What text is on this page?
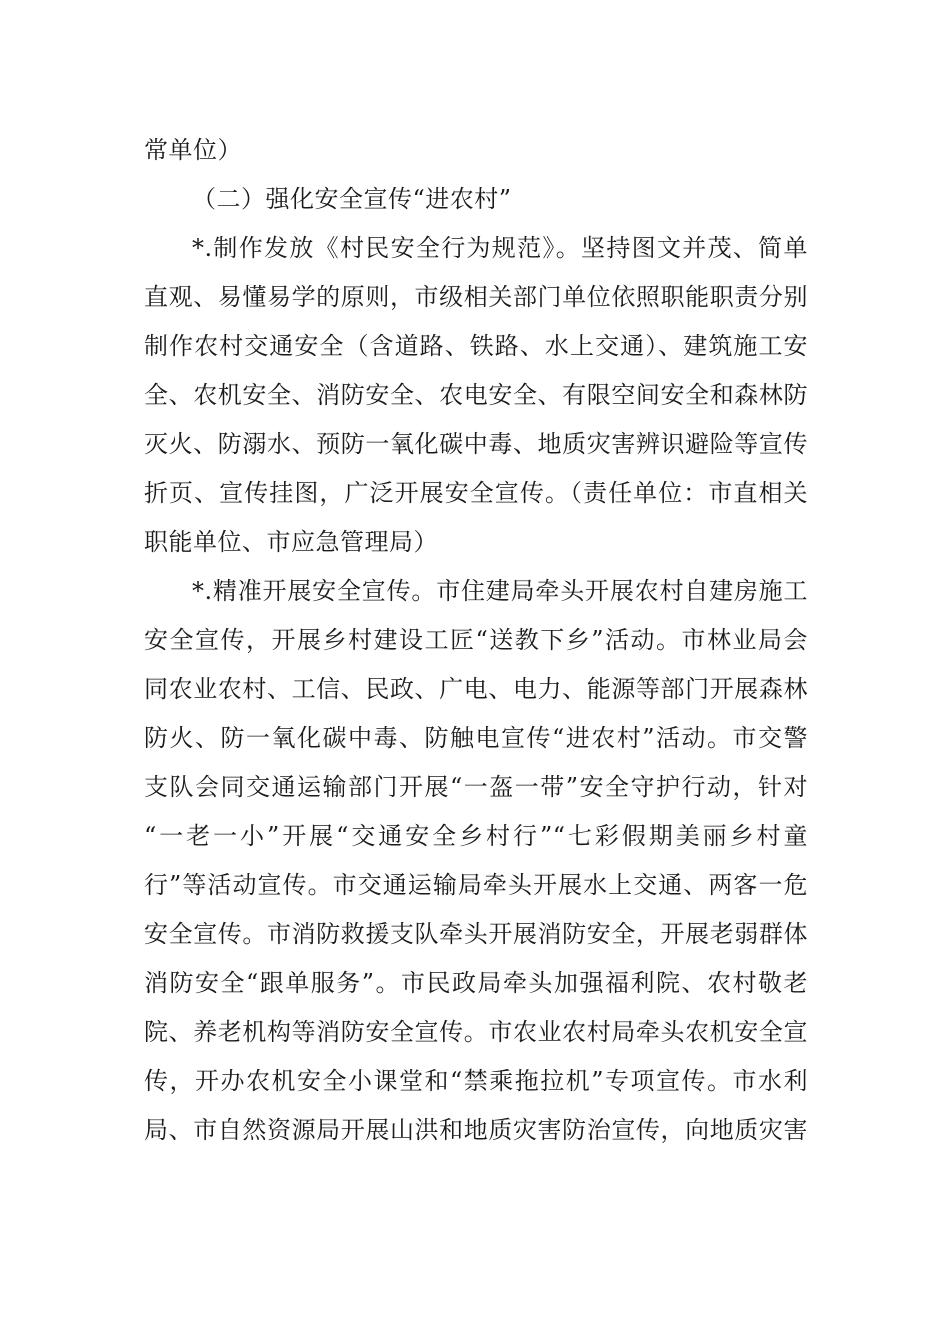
常单位）
（二）强化安全宣传“进农村”
*.制作发放《村民安全行为规范》。坚持图文并茂、简单
直观、易懂易学的原则，市级相关部门单位依照职能职责分别
制作农村交通安全（含道路、铁路、水上交通）、建筑施工安
全、农机安全、消防安全、农电安全、有限空间安全和森林防
灭火、防溺水、预防一氧化碳中毒、地质灾害辨识避险等宣传
折页、宣传挂图，广泛开展安全宣传。（责任单位：市直相关
职能单位、市应急管理局）
*.精准开展安全宣传。市住建局牵头开展农村自建房施工
安全宣传，开展乡村建设工匠“送教下乡”活动。市林业局会
同农业农村、工信、民政、广电、电力、能源等部门开展森林
防火、防一氧化碳中毒、防触电宣传“进农村”活动。市交警
支队会同交通运输部门开展“一盔一带”安全守护行动，针对
“一老一小”开展“交通安全乡村行”“七彩假期美丽乡村童
行”等活动宣传。市交通运输局牵头开展水上交通、两客一危
安全宣传。市消防救援支队牵头开展消防安全，开展老弱群体
消防安全“跟单服务”。市民政局牵头加强福利院、农村敬老
院、养老机构等消防安全宣传。市农业农村局牵头农机安全宣
传，开办农机安全小课堂和“禁乘拖拉机”专项宣传。市水利
局、市自然资源局开展山洪和地质灾害防治宣传，向地质灾害
